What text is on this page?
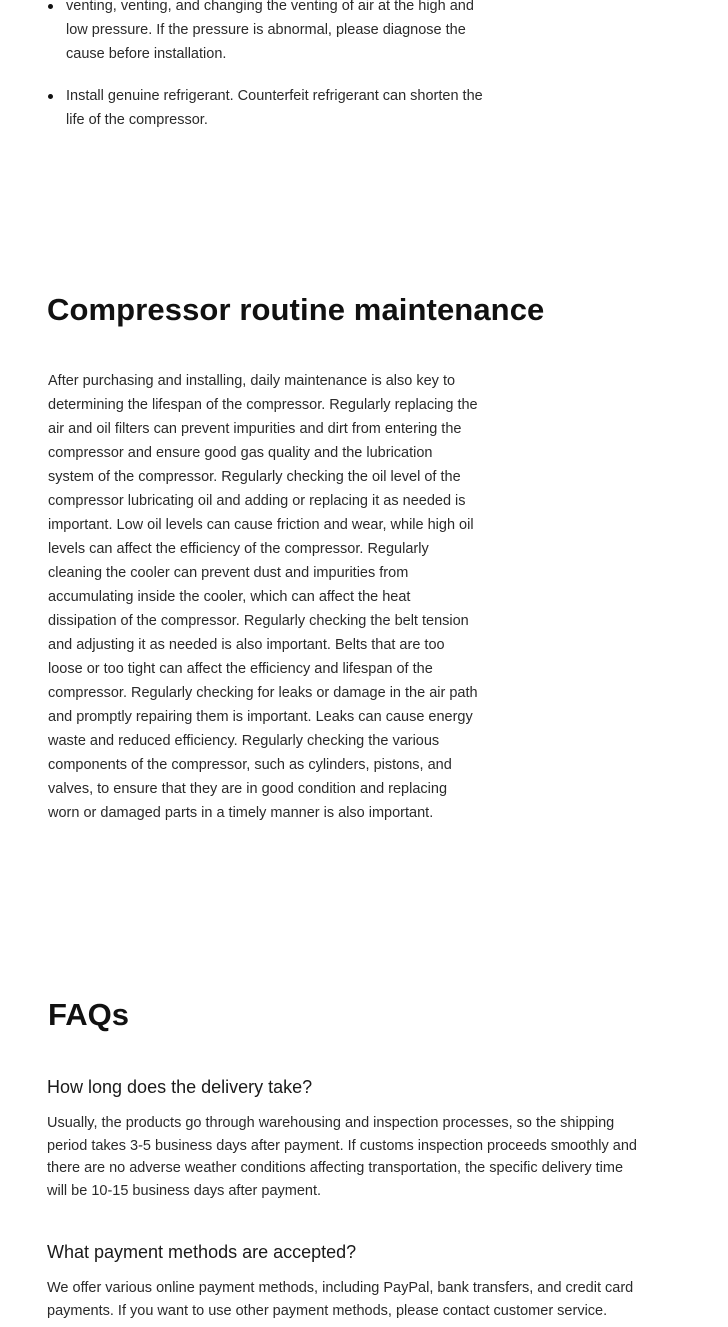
venting, venting, and changing the venting of air at the high and low pressure. If the pressure is abnormal, please diagnose the cause before installation.
Install genuine refrigerant. Counterfeit refrigerant can shorten the life of the compressor.
Compressor routine maintenance

After purchasing and installing, daily maintenance is also key to determining the lifespan of the compressor. Regularly replacing the air and oil filters can prevent impurities and dirt from entering the compressor and ensure good gas quality and the lubrication system of the compressor. Regularly checking the oil level of the compressor lubricating oil and adding or replacing it as needed is important. Low oil levels can cause friction and wear, while high oil levels can affect the efficiency of the compressor. Regularly cleaning the cooler can prevent dust and impurities from accumulating inside the cooler, which can affect the heat dissipation of the compressor. Regularly checking the belt tension and adjusting it as needed is also important. Belts that are too loose or too tight can affect the efficiency and lifespan of the compressor. Regularly checking for leaks or damage in the air path and promptly repairing them is important. Leaks can cause energy waste and reduced efficiency. Regularly checking the various components of the compressor, such as cylinders, pistons, and valves, to ensure that they are in good condition and replacing worn or damaged parts in a timely manner is also important.

FAQs
How long does the delivery take?

Usually, the products go through warehousing and inspection processes, so the shipping period takes 3-5 business days after payment. If customs inspection proceeds smoothly and there are no adverse weather conditions affecting transportation, the specific delivery time will be 10-15 business days after payment.

What payment methods are accepted?

We offer various online payment methods, including PayPal, bank transfers, and credit card payments. If you want to use other payment methods, please contact customer service.
